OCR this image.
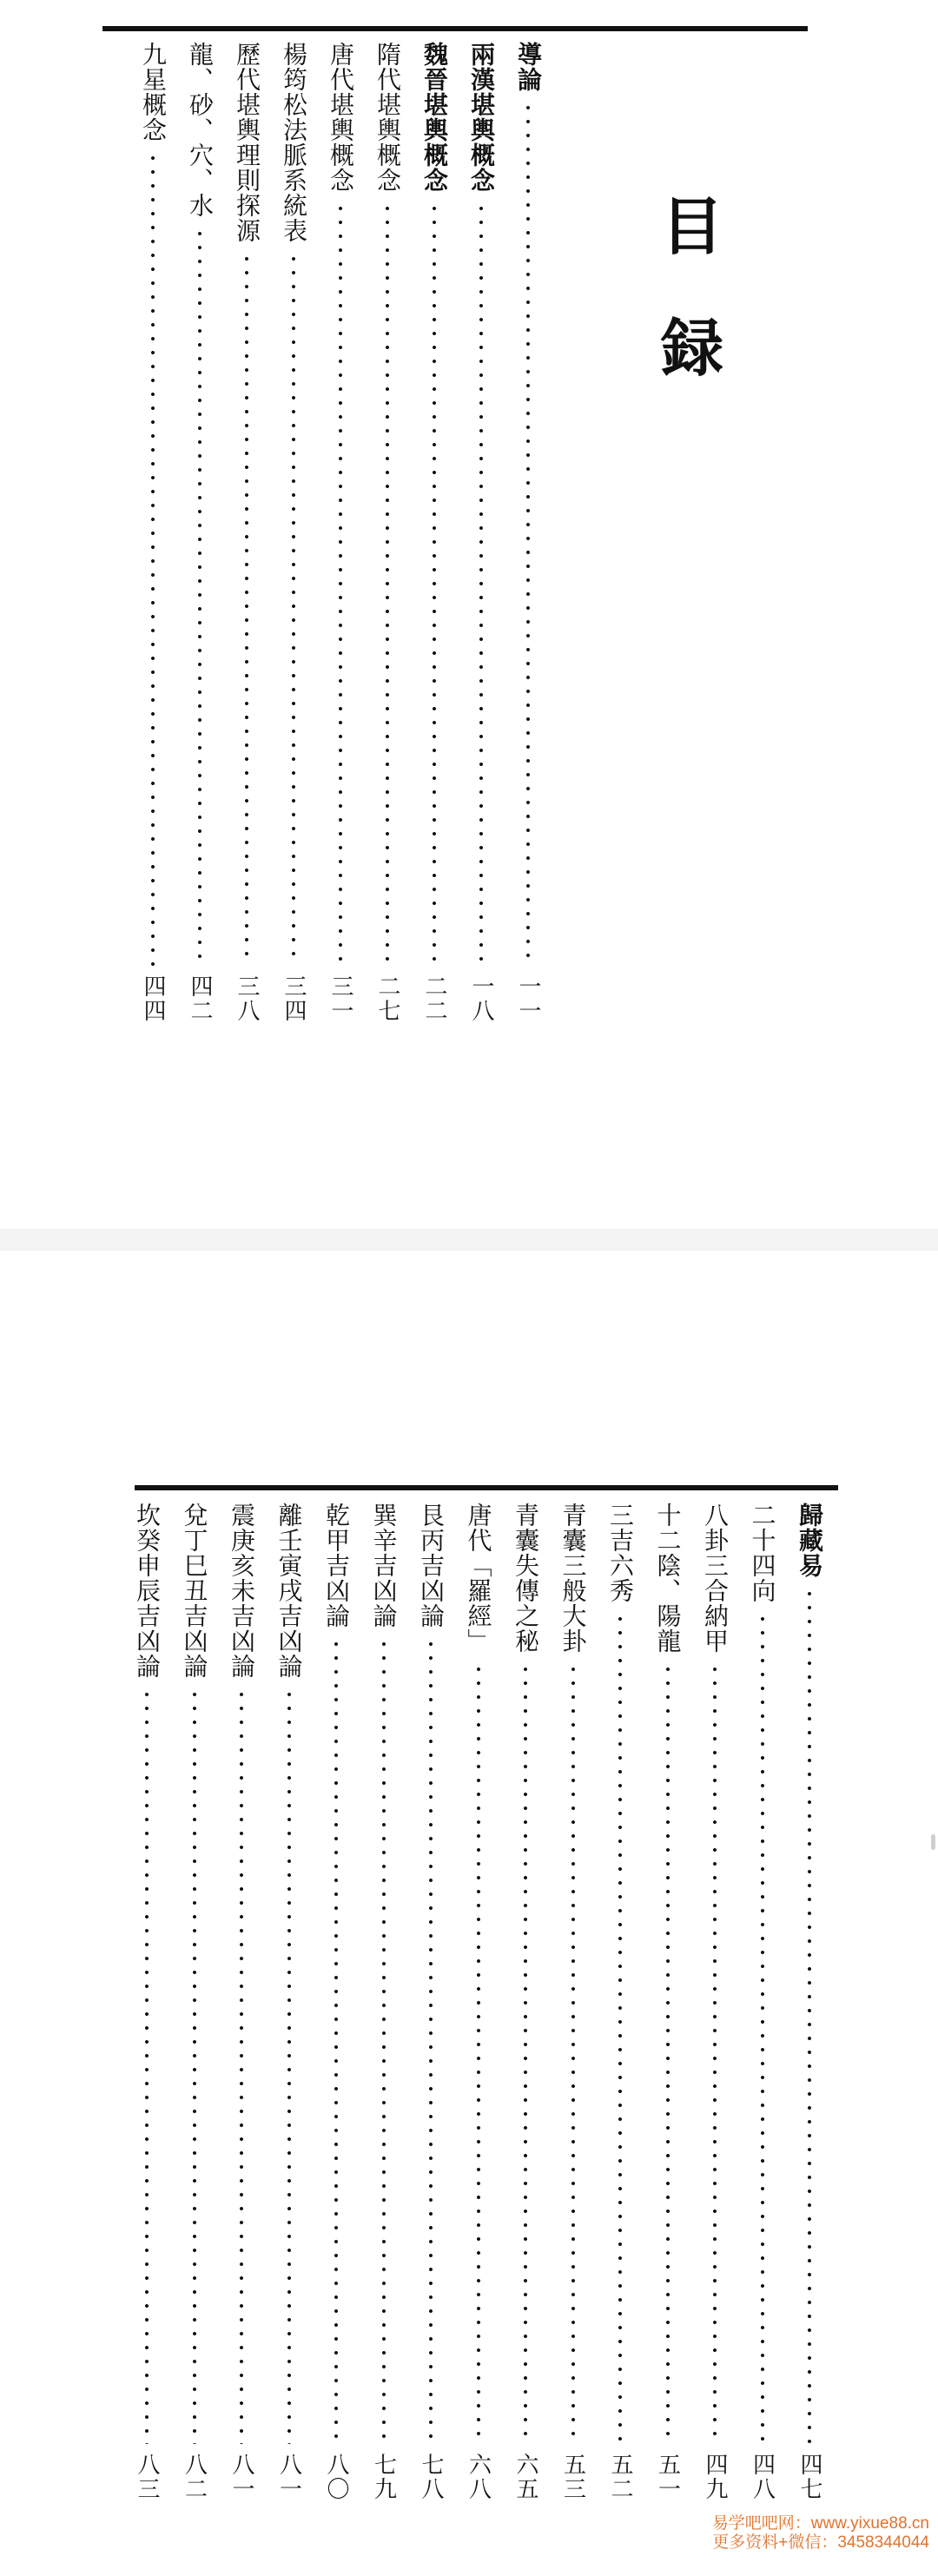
目
録
導論
一一
兩漢堪輿概念
一八
魏晉堪輿概念
二二
隋代堪輿概念
二七
唐代堪輿概念
三一
楊筠松法脈系統表
三四
歷代堪輿理則探源
三八
龍、砂、穴、水
四二
九星概念
四四
易学吧吧网：www.yixue88.cn
更多资料+微信：3458344044
歸藏易
四七
二十四向
四八
八卦三合納甲
四九
十二陰、陽龍
五一
三吉六秀
五二
青囊三般大卦
五三
青囊失傳之秘
六五
唐代「羅經」
六八
艮丙吉凶論
七八
巽辛吉凶論
七九
乾甲吉凶論
八〇
離壬寅戌吉凶論
八一
震庚亥未吉凶論
八一
兌丁巳丑吉凶論
八二
坎癸申辰吉凶論
八三
